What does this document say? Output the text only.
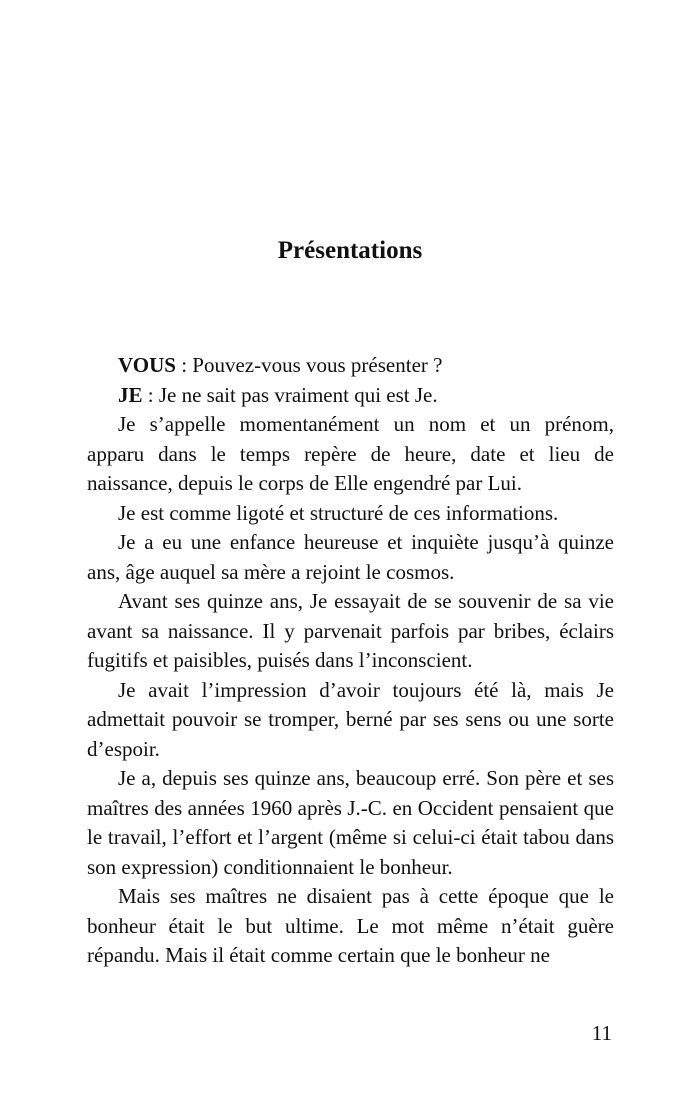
Présentations

VOUS : Pouvez-vous vous présenter ?

JE : Je ne sait pas vraiment qui est Je.

Je s’appelle momentanément un nom et un prénom, apparu dans le temps repère de heure, date et lieu de naissance, depuis le corps de Elle engendré par Lui.

Je est comme ligoté et structuré de ces informations.

Je a eu une enfance heureuse et inquiète jusqu’à quinze ans, âge auquel sa mère a rejoint le cosmos.

Avant ses quinze ans, Je essayait de se souvenir de sa vie avant sa naissance. Il y parvenait parfois par bribes, éclairs fugitifs et paisibles, puisés dans l’inconscient.

Je avait l’impression d’avoir toujours été là, mais Je admettait pouvoir se tromper, berné par ses sens ou une sorte d’espoir.

Je a, depuis ses quinze ans, beaucoup erré. Son père et ses maîtres des années 1960 après J.-C. en Occident pensaient que le travail, l’effort et l’argent (même si celui-ci était tabou dans son expression) conditionnaient le bonheur.

Mais ses maîtres ne disaient pas à cette époque que le bonheur était le but ultime. Le mot même n’était guère répandu. Mais il était comme certain que le bonheur ne

11
